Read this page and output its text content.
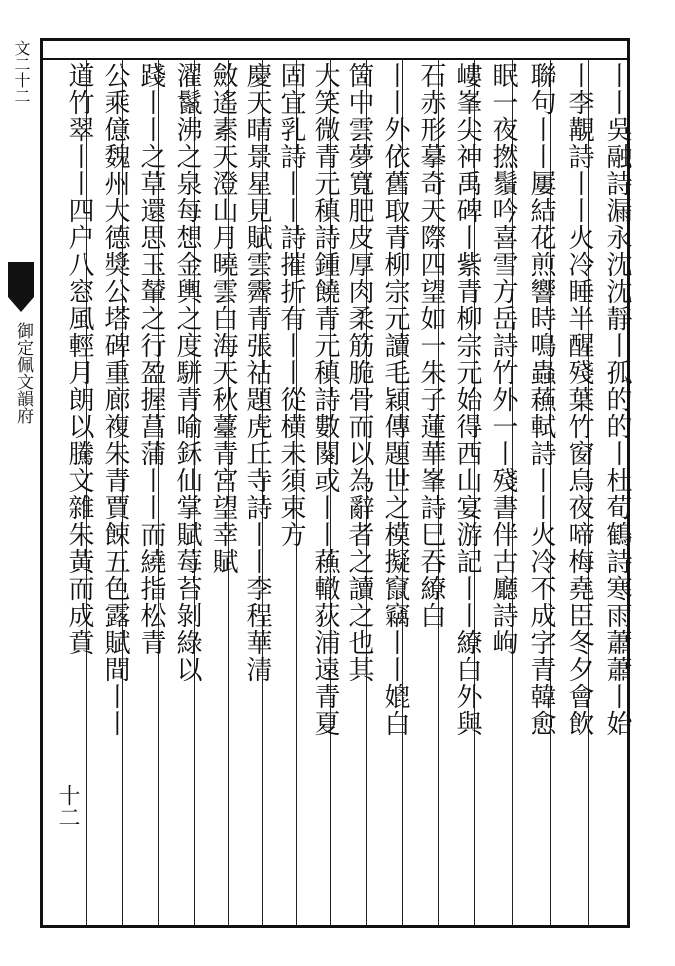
文二十二
御定佩文韻府	丨丨吳融詩漏永沈沈靜丨孤的的丨杜荀鶴詩寒雨蕭蕭丨始
丨李覯詩丨丨火冷睡半醒殘葉竹窗烏夜啼梅堯臣冬夕會飲
聯句丨丨屢結花煎響時鳴蟲蘓軾詩丨丨火冷不成字青韓愈
眠一夜撚鬚吟喜雪方岳詩竹外一丨殘書伴古廳詩岣
嶁峯尖神禹碑丨紫青柳宗元始得西山宴游記丨丨繚白外與
石赤形摹奇天際四望如一朱子蓮華峯詩巳吞繚白
丨丨外依舊取青柳宗元讀毛穎傳題世之模擬竄竊丨丨媲白
箇中雲夢寬肥皮厚肉柔筋脆骨而以為辭者之讀之也其
大笑微青元稹詩鍾饒青元稹詩數闋或丨丨蘓轍荻浦遠青夏
固宜乳詩丨丨詩摧折有丨丨從横未須束方
慶天晴景星見賦雲霽青張祜題虎丘寺詩丨丨李程華清
斂遙素天澄山月曉雲白海天秋薹青宮望幸賦
濯鬣沸之泉每想金輿之度駢青喻鉌仙掌賦莓苔剝綠以
踐丨丨之草還思玉輦之行盈握菖蒲丨丨而繞指松青
公乘億魏州大德獎公塔碑重廊複朱青賈餗五色露賦間丨丨
道竹翠丨丨四户八窓風輕月朗以騰文雜朱黃而成賁
十二
